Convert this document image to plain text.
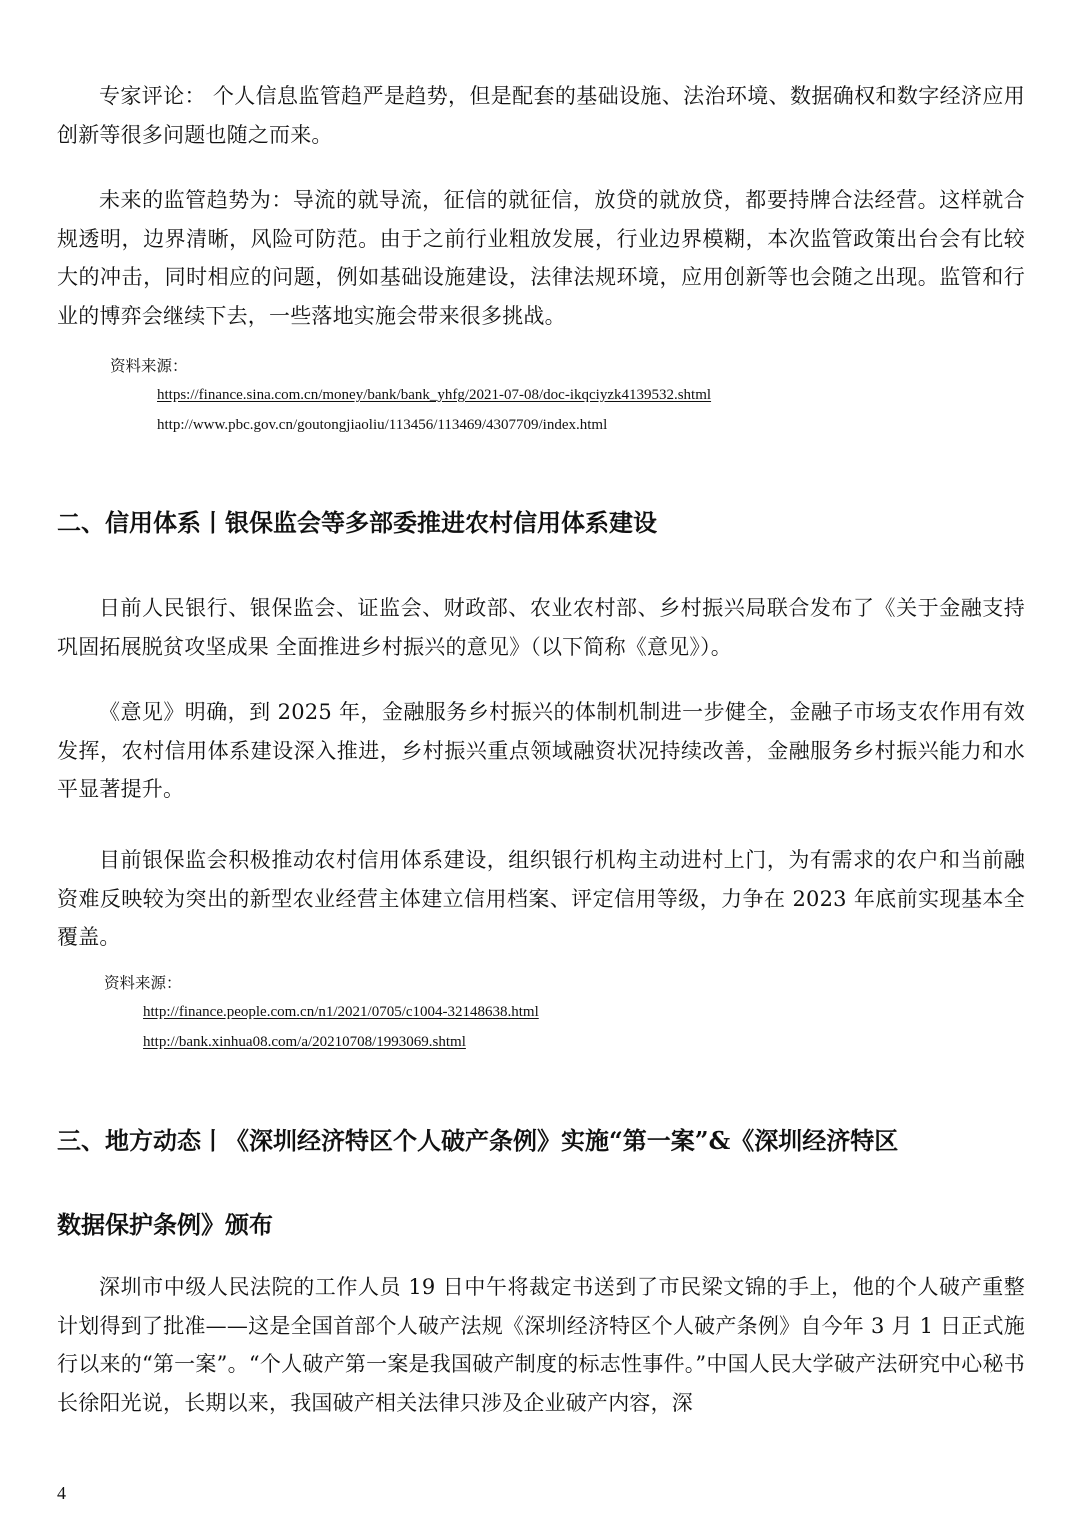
专家评论： 个人信息监管趋严是趋势，但是配套的基础设施、法治环境、数据确权和数字经济应用创新等很多问题也随之而来。

未来的监管趋势为：导流的就导流，征信的就征信，放贷的就放贷，都要持牌合法经营。这样就合规透明，边界清晰，风险可防范。由于之前行业粗放发展，行业边界模糊，本次监管政策出台会有比较大的冲击，同时相应的问题，例如基础设施建设，法律法规环境，应用创新等也会随之出现。监管和行业的博弈会继续下去，一些落地实施会带来很多挑战。

资料来源：

https://finance.sina.com.cn/money/bank/bank_yhfg/2021-07-08/doc-ikqciyzk4139532.shtml

http://www.pbc.gov.cn/goutongjiaoliu/113456/113469/4307709/index.html

二、信用体系丨银保监会等多部委推进农村信用体系建设

日前人民银行、银保监会、证监会、财政部、农业农村部、乡村振兴局联合发布了《关于金融支持巩固拓展脱贫攻坚成果 全面推进乡村振兴的意见》（以下简称《意见》）。

《意见》明确，到 2025 年，金融服务乡村振兴的体制机制进一步健全，金融子市场支农作用有效发挥，农村信用体系建设深入推进，乡村振兴重点领域融资状况持续改善，金融服务乡村振兴能力和水平显著提升。

目前银保监会积极推动农村信用体系建设，组织银行机构主动进村上门，为有需求的农户和当前融资难反映较为突出的新型农业经营主体建立信用档案、评定信用等级，力争在 2023 年底前实现基本全覆盖。

资料来源：

http://finance.people.com.cn/n1/2021/0705/c1004-32148638.html
http://bank.xinhua08.com/a/20210708/1993069.shtml
三、地方动态丨《深圳经济特区个人破产条例》实施“第一案”&《深圳经济特区
数据保护条例》颁布

深圳市中级人民法院的工作人员 19 日中午将裁定书送到了市民梁文锦的手上，他的个人破产重整计划得到了批准——这是全国首部个人破产法规《深圳经济特区个人破产条例》自今年 3 月 1 日正式施行以来的“第一案”。“个人破产第一案是我国破产制度的标志性事件。”中国人民大学破产法研究中心秘书长徐阳光说，长期以来，我国破产相关法律只涉及企业破产内容，深

4
